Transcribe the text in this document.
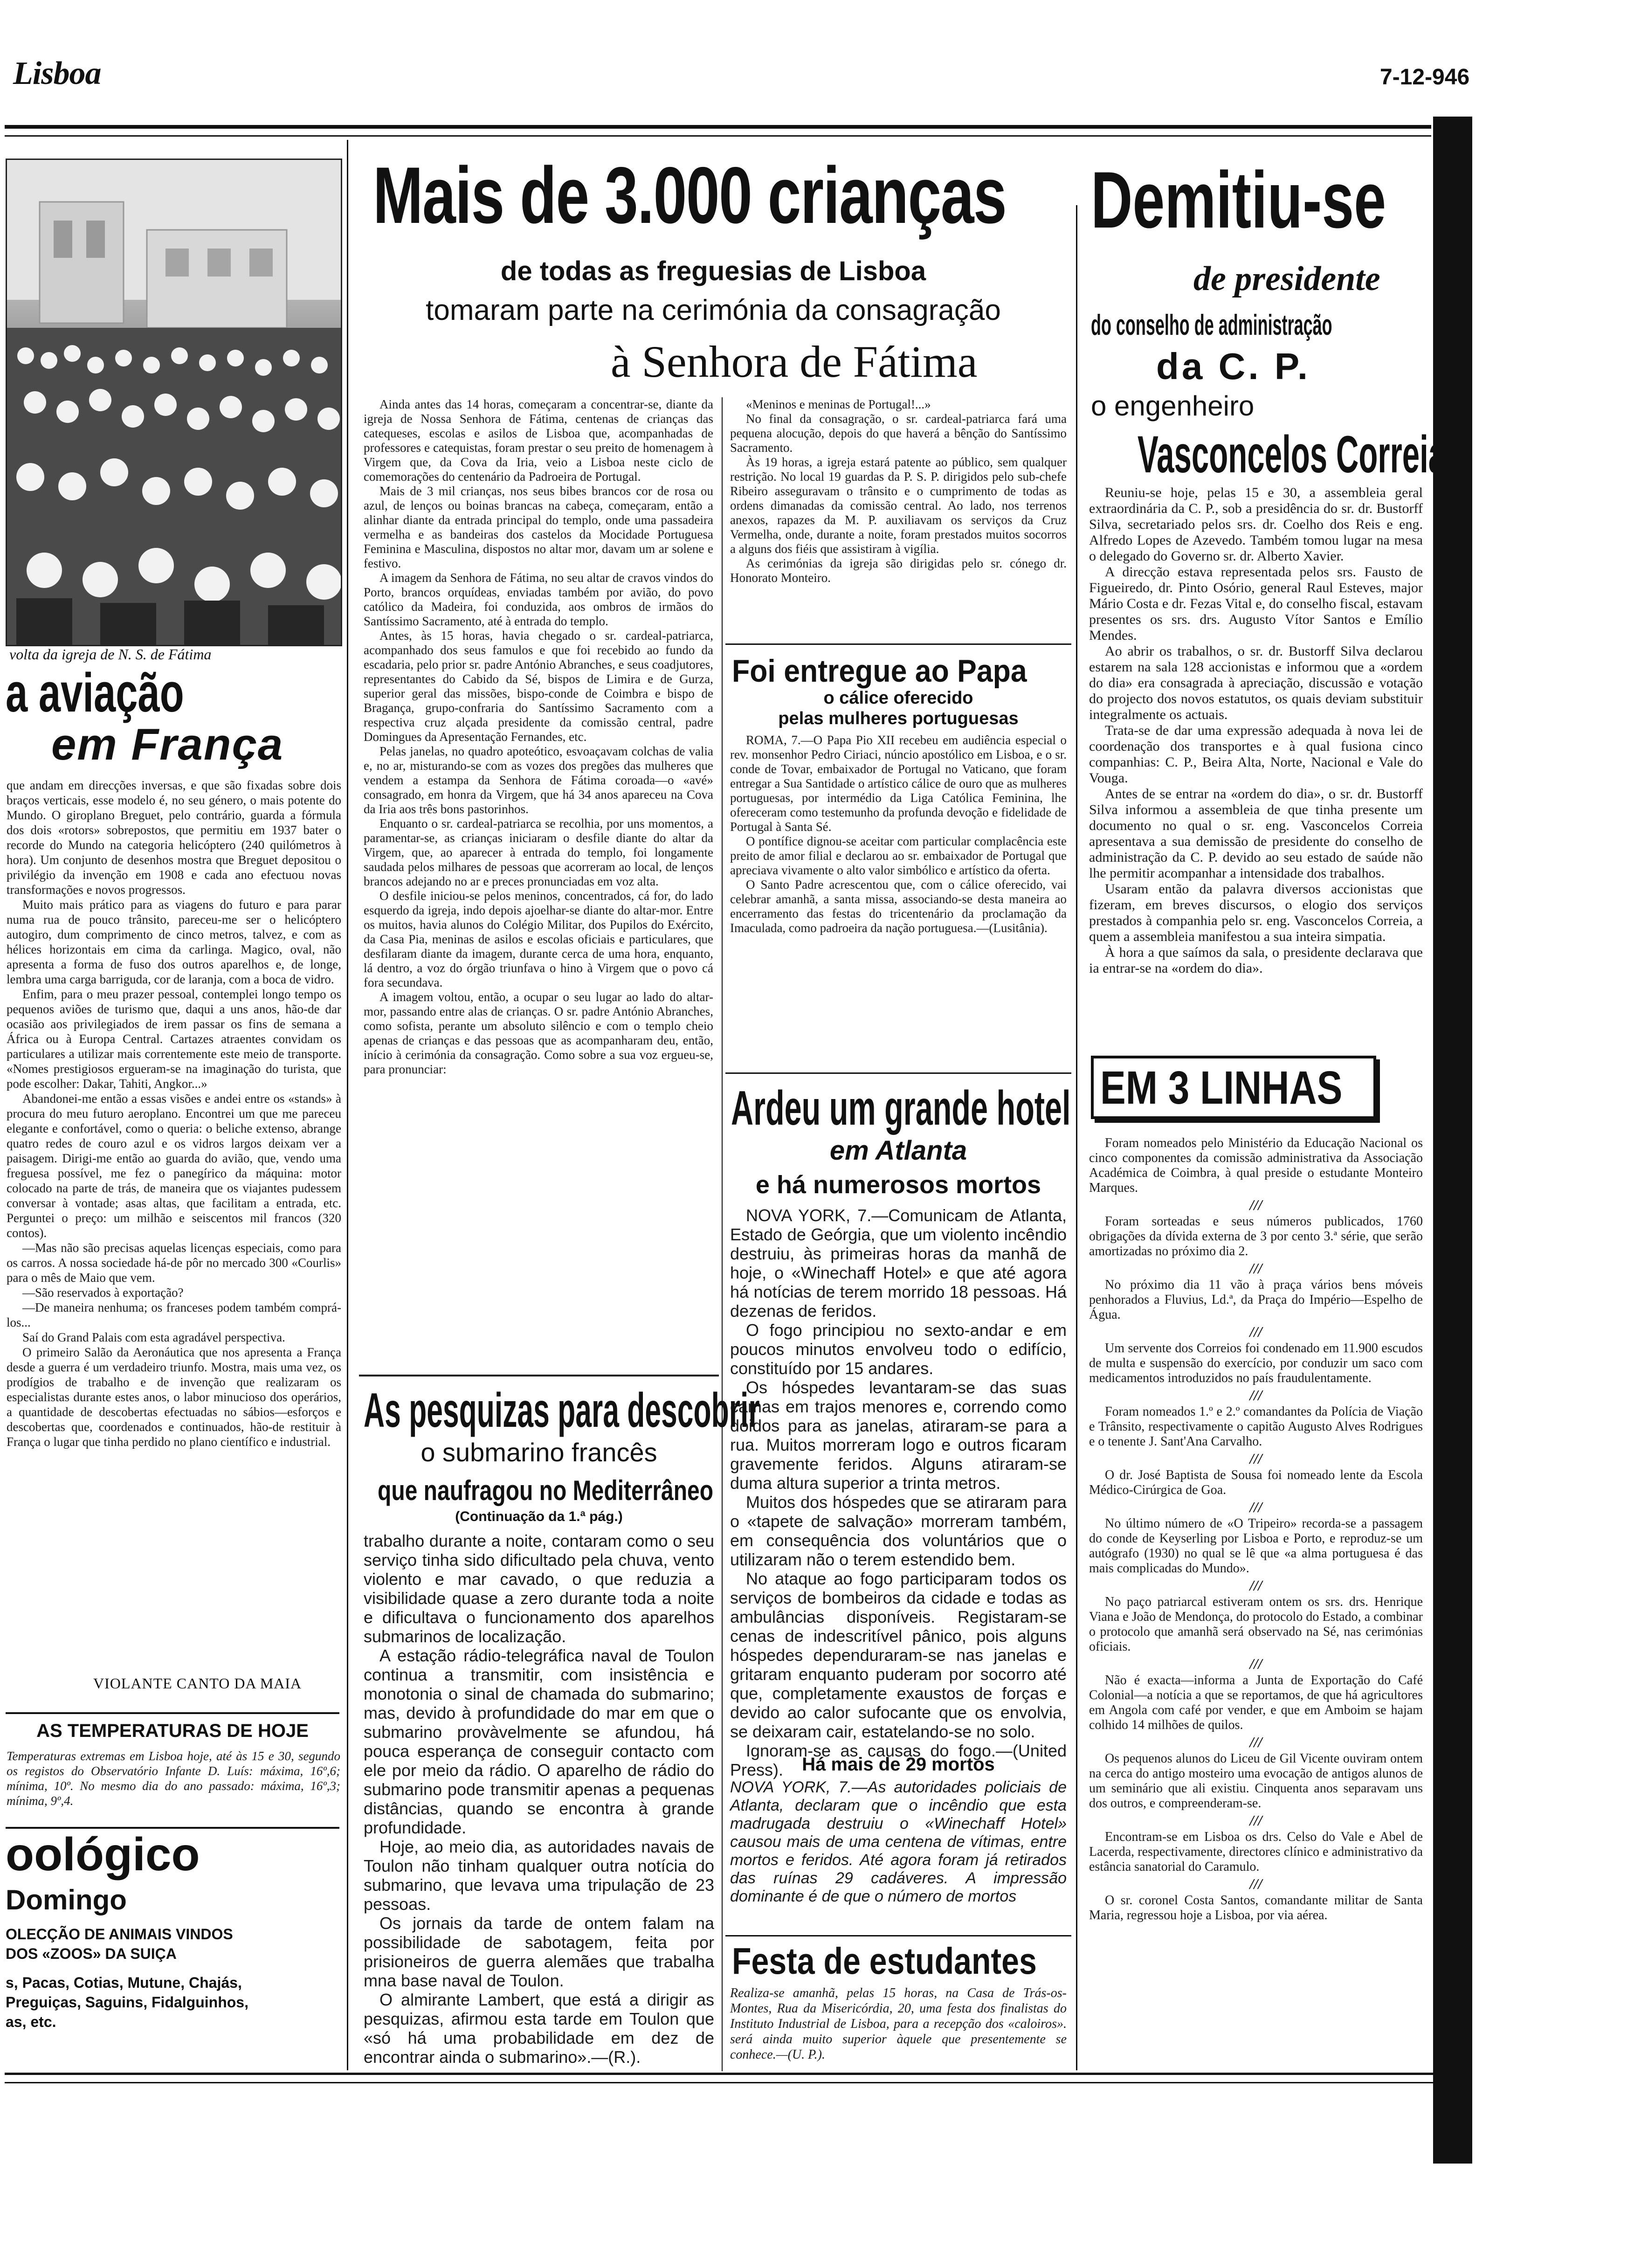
Lisboa	7-12-946
volta da igreja de N. S. de Fátima
a aviação
em França

que andam em direcções inversas, e que são fixadas sobre dois braços verticais, esse modelo é, no seu género, o mais potente do Mundo. O giroplano Breguet, pelo contrário, guarda a fórmula dos dois «rotors» sobrepostos, que permitiu em 1937 bater o recorde do Mundo na categoria helicóptero (240 quilómetros à hora). Um conjunto de desenhos mostra que Breguet depositou o privilégio da invenção em 1908 e cada ano efectuou novas transformações e novos progressos.

Muito mais prático para as viagens do futuro e para parar numa rua de pouco trânsito, pareceu-me ser o helicóptero autogiro, dum comprimento de cinco metros, talvez, e com as hélices horizontais em cima da carlinga. Magico, oval, não apresenta a forma de fuso dos outros aparelhos e, de longe, lembra uma carga barriguda, cor de laranja, com a boca de vidro.

Enfim, para o meu prazer pessoal, contemplei longo tempo os pequenos aviões de turismo que, daqui a uns anos, hão-de dar ocasião aos privilegiados de irem passar os fins de semana a África ou à Europa Central. Cartazes atraentes convidam os particulares a utilizar mais correntemente este meio de transporte. «Nomes prestigiosos ergueram-se na imaginação do turista, que pode escolher: Dakar, Tahiti, Angkor...»

Abandonei-me então a essas visões e andei entre os «stands» à procura do meu futuro aeroplano. Encontrei um que me pareceu elegante e confortável, como o queria: o beliche extenso, abrange quatro redes de couro azul e os vidros largos deixam ver a paisagem. Dirigi-me então ao guarda do avião, que, vendo uma freguesa possível, me fez o panegírico da máquina: motor colocado na parte de trás, de maneira que os viajantes pudessem conversar à vontade; asas altas, que facilitam a entrada, etc. Perguntei o preço: um milhão e seiscentos mil francos (320 contos).

—Mas não são precisas aquelas licenças especiais, como para os carros. A nossa sociedade há-de pôr no mercado 300 «Courlis» para o mês de Maio que vem.

—São reservados à exportação?

—De maneira nenhuma; os franceses podem também comprá-los...

Saí do Grand Palais com esta agradável perspectiva.

O primeiro Salão da Aeronáutica que nos apresenta a França desde a guerra é um verdadeiro triunfo. Mostra, mais uma vez, os prodígios de trabalho e de invenção que realizaram os especialistas durante estes anos, o labor minucioso dos operários, a quantidade de descobertas efectuadas no sábios—esforços e descobertas que, coordenados e continuados, hão-de restituir à França o lugar que tinha perdido no plano científico e industrial.

VIOLANTE CANTO DA MAIA
AS TEMPERATURAS DE HOJE
Temperaturas extremas em Lisboa hoje, até às 15 e 30, segundo os registos do Observatório Infante D. Luís: máxima, 16º,6; mínima, 10º. No mesmo dia do ano passado: máxima, 16º,3; mínima, 9º,4.
oológico
Domingo
OLECÇÃO DE ANIMAIS VINDOS
DOS «ZOOS» DA SUIÇA
s, Pacas, Cotias, Mutune, Chajás,
Preguiças, Saguins, Fidalguinhos,
as, etc.
Mais de 3.000 crianças
de todas as freguesias de Lisboa
tomaram parte na cerimónia da consagração
à Senhora de Fátima

Ainda antes das 14 horas, começaram a concentrar-se, diante da igreja de Nossa Senhora de Fátima, centenas de crianças das catequeses, escolas e asilos de Lisboa que, acompanhadas de professores e catequistas, foram prestar o seu preito de homenagem à Virgem que, da Cova da Iria, veio a Lisboa neste ciclo de comemorações do centenário da Padroeira de Portugal.

Mais de 3 mil crianças, nos seus bibes brancos cor de rosa ou azul, de lenços ou boinas brancas na cabeça, começaram, então a alinhar diante da entrada principal do templo, onde uma passadeira vermelha e as bandeiras dos castelos da Mocidade Portuguesa Feminina e Masculina, dispostos no altar mor, davam um ar solene e festivo.

A imagem da Senhora de Fátima, no seu altar de cravos vindos do Porto, brancos orquídeas, enviadas também por avião, do povo católico da Madeira, foi conduzida, aos ombros de irmãos do Santíssimo Sacramento, até à entrada do templo.

Antes, às 15 horas, havia chegado o sr. cardeal-patriarca, acompanhado dos seus famulos e que foi recebido ao fundo da escadaria, pelo prior sr. padre António Abranches, e seus coadjutores, representantes do Cabido da Sé, bispos de Limira e de Gurza, superior geral das missões, bispo-conde de Coimbra e bispo de Bragança, grupo-confraria do Santíssimo Sacramento com a respectiva cruz alçada presidente da comissão central, padre Domingues da Apresentação Fernandes, etc.

Pelas janelas, no quadro apoteótico, esvoaçavam colchas de valia e, no ar, misturando-se com as vozes dos pregões das mulheres que vendem a estampa da Senhora de Fátima coroada—o «avé» consagrado, em honra da Virgem, que há 34 anos apareceu na Cova da Iria aos três bons pastorinhos.

Enquanto o sr. cardeal-patriarca se recolhia, por uns momentos, a paramentar-se, as crianças iniciaram o desfile diante do altar da Virgem, que, ao aparecer à entrada do templo, foi longamente saudada pelos milhares de pessoas que acorreram ao local, de lenços brancos adejando no ar e preces pronunciadas em voz alta.

O desfile iniciou-se pelos meninos, concentrados, cá for, do lado esquerdo da igreja, indo depois ajoelhar-se diante do altar-mor. Entre os muitos, havia alunos do Colégio Militar, dos Pupilos do Exército, da Casa Pia, meninas de asilos e escolas oficiais e particulares, que desfilaram diante da imagem, durante cerca de uma hora, enquanto, lá dentro, a voz do órgão triunfava o hino à Virgem que o povo cá fora secundava.

A imagem voltou, então, a ocupar o seu lugar ao lado do altar-mor, passando entre alas de crianças. O sr. padre António Abranches, como sofista, perante um absoluto silêncio e com o templo cheio apenas de crianças e das pessoas que as acompanharam deu, então, início à cerimónia da consagração. Como sobre a sua voz ergueu-se, para pronunciar:

«Meninos e meninas de Portugal!...»

No final da consagração, o sr. cardeal-patriarca fará uma pequena alocução, depois do que haverá a bênção do Santíssimo Sacramento.

Às 19 horas, a igreja estará patente ao público, sem qualquer restrição. No local 19 guardas da P. S. P. dirigidos pelo sub-chefe Ribeiro asseguravam o trânsito e o cumprimento de todas as ordens dimanadas da comissão central. Ao lado, nos terrenos anexos, rapazes da M. P. auxiliavam os serviços da Cruz Vermelha, onde, durante a noite, foram prestados muitos socorros a alguns dos fiéis que assistiram à vigília.

As cerimónias da igreja são dirigidas pelo sr. cónego dr. Honorato Monteiro.

Foi entregue ao Papa
o cálice oferecido
pelas mulheres portuguesas

ROMA, 7.—O Papa Pio XII recebeu em audiência especial o rev. monsenhor Pedro Ciriaci, núncio apostólico em Lisboa, e o sr. conde de Tovar, embaixador de Portugal no Vaticano, que foram entregar a Sua Santidade o artístico cálice de ouro que as mulheres portuguesas, por intermédio da Liga Católica Feminina, lhe ofereceram como testemunho da profunda devoção e fidelidade de Portugal à Santa Sé.

O pontífice dignou-se aceitar com particular complacência este preito de amor filial e declarou ao sr. embaixador de Portugal que apreciava vivamente o alto valor simbólico e artístico da oferta.

O Santo Padre acrescentou que, com o cálice oferecido, vai celebrar amanhã, a santa missa, associando-se desta maneira ao encerramento das festas do tricentenário da proclamação da Imaculada, como padroeira da nação portuguesa.—(Lusitânia).

Ardeu um grande hotel
em Atlanta
e há numerosos mortos

NOVA YORK, 7.—Comunicam de Atlanta, Estado de Geórgia, que um violento incêndio destruiu, às primeiras horas da manhã de hoje, o «Winechaff Hotel» e que até agora há notícias de terem morrido 18 pessoas. Há dezenas de feridos.

O fogo principiou no sexto-andar e em poucos minutos envolveu todo o edifício, constituído por 15 andares.

Os hóspedes levantaram-se das suas camas em trajos menores e, correndo como doidos para as janelas, atiraram-se para a rua. Muitos morreram logo e outros ficaram gravemente feridos. Alguns atiraram-se duma altura superior a trinta metros.

Muitos dos hóspedes que se atiraram para o «tapete de salvação» morreram também, em consequência dos voluntários que o utilizaram não o terem estendido bem.

No ataque ao fogo participaram todos os serviços de bombeiros da cidade e todas as ambulâncias disponíveis. Registaram-se cenas de indescritível pânico, pois alguns hóspedes dependuraram-se nas janelas e gritaram enquanto puderam por socorro até que, completamente exaustos de forças e devido ao calor sufocante que os envolvia, se deixaram cair, estatelando-se no solo.

Ignoram-se as causas do fogo.—(United Press).	Há mais de 29 mortos
NOVA YORK, 7.—As autoridades policiais de Atlanta, declaram que o incêndio que esta madrugada destruiu o «Winechaff Hotel» causou mais de uma centena de vítimas, entre mortos e feridos. Até agora foram já retirados das ruínas 29 cadáveres. A impressão dominante é de que o número de mortos
Festa de estudantes
Realiza-se amanhã, pelas 15 horas, na Casa de Trás-os-Montes, Rua da Misericórdia, 20, uma festa dos finalistas do Instituto Industrial de Lisboa, para a recepção dos «caloiros». será ainda muito superior àquele que presentemente se conhece.—(U. P.).
As pesquizas para descobrir
o submarino francês
que naufragou no Mediterrâneo
(Continuação da 1.ª pág.)

trabalho durante a noite, contaram como o seu serviço tinha sido dificultado pela chuva, vento violento e mar cavado, o que reduzia a visibilidade quase a zero durante toda a noite e dificultava o funcionamento dos aparelhos submarinos de localização.

A estação rádio-telegráfica naval de Toulon continua a transmitir, com insistência e monotonia o sinal de chamada do submarino; mas, devido à profundidade do mar em que o submarino provàvelmente se afundou, há pouca esperança de conseguir contacto com ele por meio da rádio. O aparelho de rádio do submarino pode transmitir apenas a pequenas distâncias, quando se encontra à grande profundidade.

Hoje, ao meio dia, as autoridades navais de Toulon não tinham qualquer outra notícia do submarino, que levava uma tripulação de 23 pessoas.

Os jornais da tarde de ontem falam na possibilidade de sabotagem, feita por prisioneiros de guerra alemães que trabalha mna base naval de Toulon.

O almirante Lambert, que está a dirigir as pesquizas, afirmou esta tarde em Toulon que «só há uma probabilidade em dez de encontrar ainda o submarino».—(R.).

Demitiu-se
de presidente
do conselho de administração
da C. P.
o engenheiro
Vasconcelos Correia

Reuniu-se hoje, pelas 15 e 30, a assembleia geral extraordinária da C. P., sob a presidência do sr. dr. Bustorff Silva, secretariado pelos srs. dr. Coelho dos Reis e eng. Alfredo Lopes de Azevedo. Também tomou lugar na mesa o delegado do Governo sr. dr. Alberto Xavier.

A direcção estava representada pelos srs. Fausto de Figueiredo, dr. Pinto Osório, general Raul Esteves, major Mário Costa e dr. Fezas Vital e, do conselho fiscal, estavam presentes os srs. drs. Augusto Vítor Santos e Emílio Mendes.

Ao abrir os trabalhos, o sr. dr. Bustorff Silva declarou estarem na sala 128 accionistas e informou que a «ordem do dia» era consagrada à apreciação, discussão e votação do projecto dos novos estatutos, os quais deviam substituir integralmente os actuais.

Trata-se de dar uma expressão adequada à nova lei de coordenação dos transportes e à qual fusiona cinco companhias: C. P., Beira Alta, Norte, Nacional e Vale do Vouga.

Antes de se entrar na «ordem do dia», o sr. dr. Bustorff Silva informou a assembleia de que tinha presente um documento no qual o sr. eng. Vasconcelos Correia apresentava a sua demissão de presidente do conselho de administração da C. P. devido ao seu estado de saúde não lhe permitir acompanhar a intensidade dos trabalhos.

Usaram então da palavra diversos accionistas que fizeram, em breves discursos, o elogio dos serviços prestados à companhia pelo sr. eng. Vasconcelos Correia, a quem a assembleia manifestou a sua inteira simpatia.

À hora a que saímos da sala, o presidente declarava que ia entrar-se na «ordem do dia».

EM 3 LINHAS

Foram nomeados pelo Ministério da Educação Nacional os cinco componentes da comissão administrativa da Associação Académica de Coimbra, à qual preside o estudante Monteiro Marques.

///

Foram sorteadas e seus números publicados, 1760 obrigações da dívida externa de 3 por cento 3.ª série, que serão amortizadas no próximo dia 2.

///

No próximo dia 11 vão à praça vários bens móveis penhorados a Fluvius, Ld.ª, da Praça do Império—Espelho de Água.

///

Um servente dos Correios foi condenado em 11.900 escudos de multa e suspensão do exercício, por conduzir um saco com medicamentos introduzidos no país fraudulentamente.

///

Foram nomeados 1.º e 2.º comandantes da Polícia de Viação e Trânsito, respectivamente o capitão Augusto Alves Rodrigues e o tenente J. Sant'Ana Carvalho.

///

O dr. José Baptista de Sousa foi nomeado lente da Escola Médico-Cirúrgica de Goa.

///

No último número de «O Tripeiro» recorda-se a passagem do conde de Keyserling por Lisboa e Porto, e reproduz-se um autógrafo (1930) no qual se lê que «a alma portuguesa é das mais complicadas do Mundo».

///

No paço patriarcal estiveram ontem os srs. drs. Henrique Viana e João de Mendonça, do protocolo do Estado, a combinar o protocolo que amanhã será observado na Sé, nas cerimónias oficiais.

///

Não é exacta—informa a Junta de Exportação do Café Colonial—a notícia a que se reportamos, de que há agricultores em Angola com café por vender, e que em Amboim se hajam colhido 14 milhões de quilos.

///

Os pequenos alunos do Liceu de Gil Vicente ouviram ontem na cerca do antigo mosteiro uma evocação de antigos alunos de um seminário que ali existiu. Cinquenta anos separavam uns dos outros, e compreenderam-se.

///

Encontram-se em Lisboa os drs. Celso do Vale e Abel de Lacerda, respectivamente, directores clínico e administrativo da estância sanatorial do Caramulo.

///

O sr. coronel Costa Santos, comandante militar de Santa Maria, regressou hoje a Lisboa, por via aérea.
